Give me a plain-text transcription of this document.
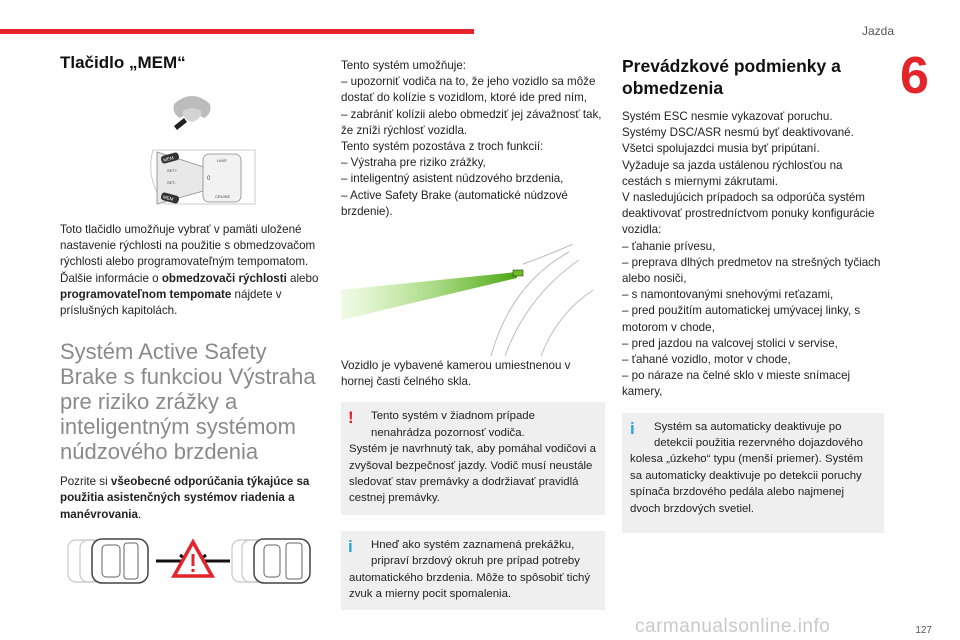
Jazda
6
Tlačidlo „MEM“
MEM
SET+
SET-
MEM
LIMIT
0
CRUISE

Toto tlačidlo umožňuje vybrať v pamäti uložené nastavenie rýchlosti na použitie s obmedzovačom rýchlosti alebo programovateľným tempomatom.

Ďalšie informácie o obmedzovači rýchlosti alebo programovateľnom tempomate nájdete v príslušných kapitolách.

Systém Active Safety Brake s funkciou Výstraha pre riziko zrážky a inteligentným systémom núdzového brzdenia

Pozrite si všeobecné odporúčania týkajúce sa použitia asistenčných systémov riadenia a manévrovania.

Tento systém umožňuje:

– upozorniť vodiča na to, že jeho vozidlo sa môže dostať do kolízie s vozidlom, ktoré ide pred ním,

– zabrániť kolízii alebo obmedziť jej závažnosť tak, že zníži rýchlosť vozidla.

Tento systém pozostáva z troch funkcií:

– Výstraha pre riziko zrážky,

– inteligentný asistent núdzového brzdenia,

– Active Safety Brake (automatické núdzové brzdenie).

Vozidlo je vybavené kamerou umiestnenou v hornej časti čelného skla.

!	Tento systém v žiadnom prípade nenahrádza pozornosť vodiča.
Systém je navrhnutý tak, aby pomáhal vodičovi a zvyšoval bezpečnosť jazdy. Vodič musí neustále sledovať stav premávky a dodržiavať pravidlá cestnej premávky.
i	Hneď ako systém zaznamená prekážku, pripraví brzdový okruh pre prípad potreby
automatického brzdenia. Môže to spôsobiť tichý zvuk a mierny pocit spomalenia.
Prevádzkové podmienky a obmedzenia

Systém ESC nesmie vykazovať poruchu.

Systémy DSC/ASR nesmú byť deaktivované.

Všetci spolujazdci musia byť pripútaní.

Vyžaduje sa jazda ustálenou rýchlosťou na cestách s miernymi zákrutami.

V nasledujúcich prípadoch sa odporúča systém deaktivovať prostredníctvom ponuky konfigurácie vozidla:

– ťahanie prívesu,

– preprava dlhých predmetov na strešných tyčiach alebo nosiči,

– s namontovanými snehovými reťazami,

– pred použitím automatickej umývacej linky, s motorom v chode,

– pred jazdou na valcovej stolici v servise,

– ťahané vozidlo, motor v chode,

– po náraze na čelné sklo v mieste snímacej kamery,

i	Systém sa automaticky deaktivuje po detekcii použitia rezervného dojazdového
kolesa „úzkeho“ typu (menší priemer). Systém sa automaticky deaktivuje po detekcii poruchy spínača brzdového pedála alebo najmenej dvoch brzdových svetiel.
127
carmanualsonline.info
